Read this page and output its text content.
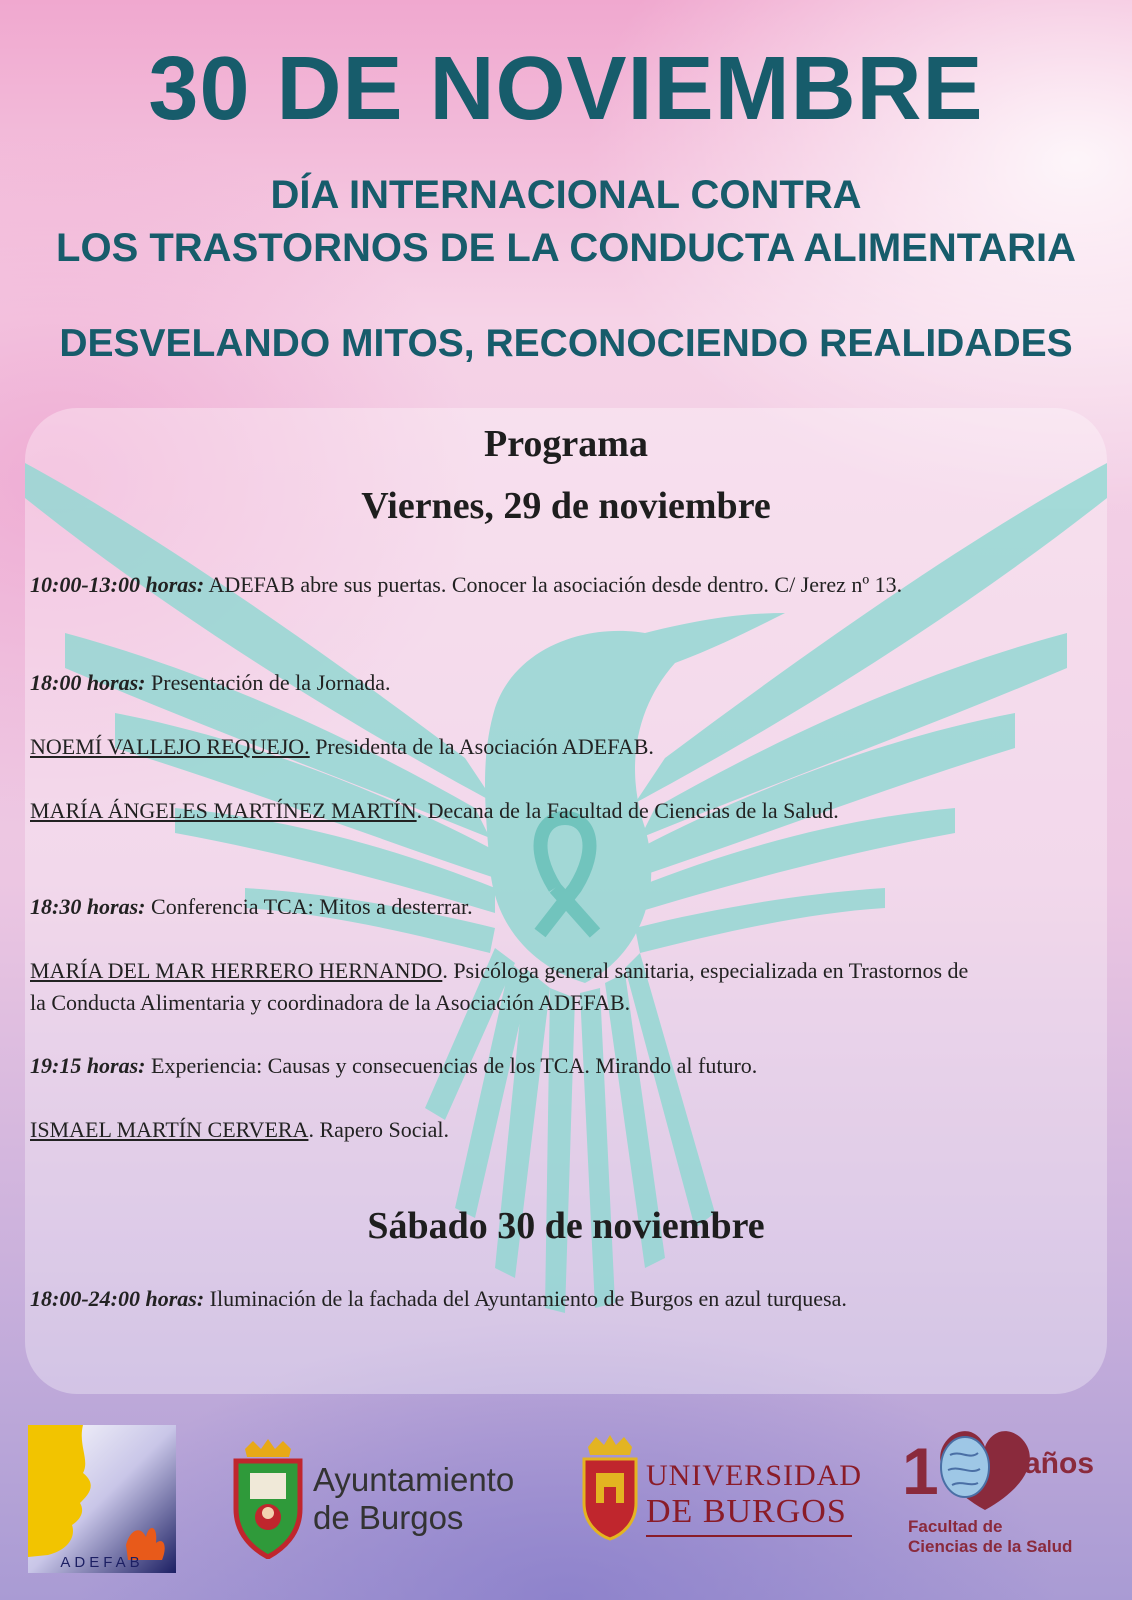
30 DE NOVIEMBRE
DÍA INTERNACIONAL CONTRA
LOS TRASTORNOS DE LA CONDUCTA ALIMENTARIA
DESVELANDO MITOS, RECONOCIENDO REALIDADES
Programa
Viernes, 29 de noviembre
10:00-13:00 horas: ADEFAB abre sus puertas. Conocer la asociación desde dentro. C/ Jerez nº 13.
18:00 horas: Presentación de la Jornada.
NOEMÍ VALLEJO REQUEJO. Presidenta de la Asociación ADEFAB.
MARÍA ÁNGELES MARTÍNEZ MARTÍN. Decana de la Facultad de Ciencias de la Salud.
18:30 horas: Conferencia TCA: Mitos a desterrar.
MARÍA DEL MAR HERRERO HERNANDO. Psicóloga general sanitaria, especializada en Trastornos de
la Conducta Alimentaria y coordinadora de la Asociación ADEFAB.
19:15 horas: Experiencia: Causas y consecuencias de los TCA. Mirando al futuro.
ISMAEL MARTÍN CERVERA. Rapero Social.
Sábado 30 de noviembre
18:00-24:00 horas: Iluminación de la fachada del Ayuntamiento de Burgos en azul turquesa.
ADEFAB
Ayuntamiento
de Burgos
UNIVERSIDAD
DE BURGOS
1	años
Facultad de
Ciencias de la Salud
